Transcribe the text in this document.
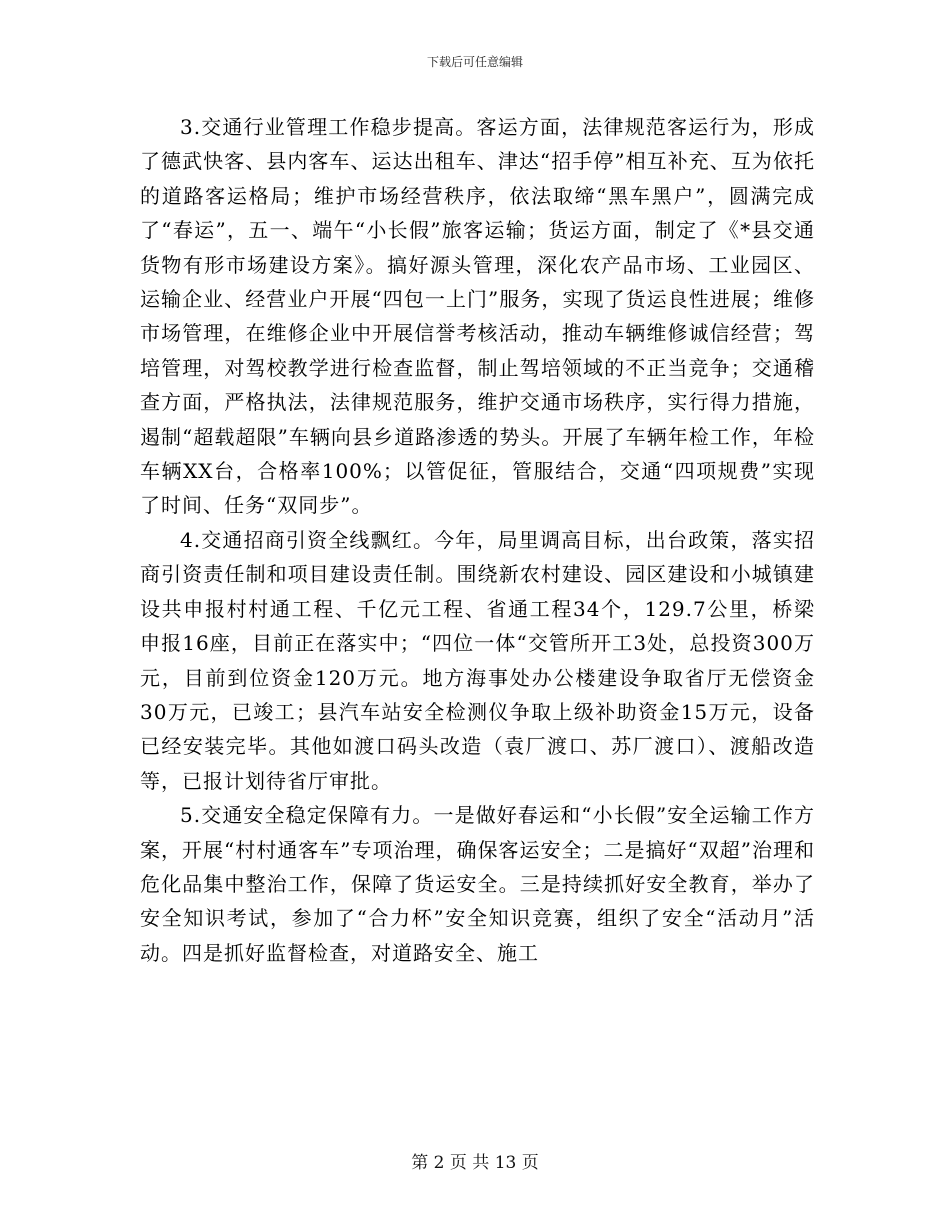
下载后可任意编辑

3.交通行业管理工作稳步提高。客运方面，法律规范客运行为，形成了德武快客、县内客车、运达出租车、津达“招手停”相互补充、互为依托的道路客运格局；维护市场经营秩序，依法取缔“黑车黑户”，圆满完成了“春运”，五一、端午“小长假”旅客运输；货运方面，制定了《*县交通货物有形市场建设方案》。搞好源头管理，深化农产品市场、工业园区、运输企业、经营业户开展“四包一上门”服务，实现了货运良性进展；维修市场管理，在维修企业中开展信誉考核活动，推动车辆维修诚信经营；驾培管理，对驾校教学进行检查监督，制止驾培领域的不正当竞争；交通稽查方面，严格执法，法律规范服务，维护交通市场秩序，实行得力措施，遏制“超载超限”车辆向县乡道路渗透的势头。开展了车辆年检工作，年检车辆XX台，合格率100%；以管促征，管服结合，交通“四项规费”实现了时间、任务“双同步”。

4.交通招商引资全线飘红。今年，局里调高目标，出台政策，落实招商引资责任制和项目建设责任制。围绕新农村建设、园区建设和小城镇建设共申报村村通工程、千亿元工程、省通工程34个，129.7公里，桥梁申报16座，目前正在落实中；“四位一体“交管所开工3处，总投资300万元，目前到位资金120万元。地方海事处办公楼建设争取省厅无偿资金30万元，已竣工；县汽车站安全检测仪争取上级补助资金15万元，设备已经安装完毕。其他如渡口码头改造（袁厂渡口、苏厂渡口）、渡船改造等，已报计划待省厅审批。

5.交通安全稳定保障有力。一是做好春运和“小长假”安全运输工作方案，开展“村村通客车”专项治理，确保客运安全；二是搞好“双超”治理和危化品集中整治工作，保障了货运安全。三是持续抓好安全教育，举办了安全知识考试，参加了“合力杯”安全知识竞赛，组织了安全“活动月”活动。四是抓好监督检查，对道路安全、施工

第 2 页 共 13 页
